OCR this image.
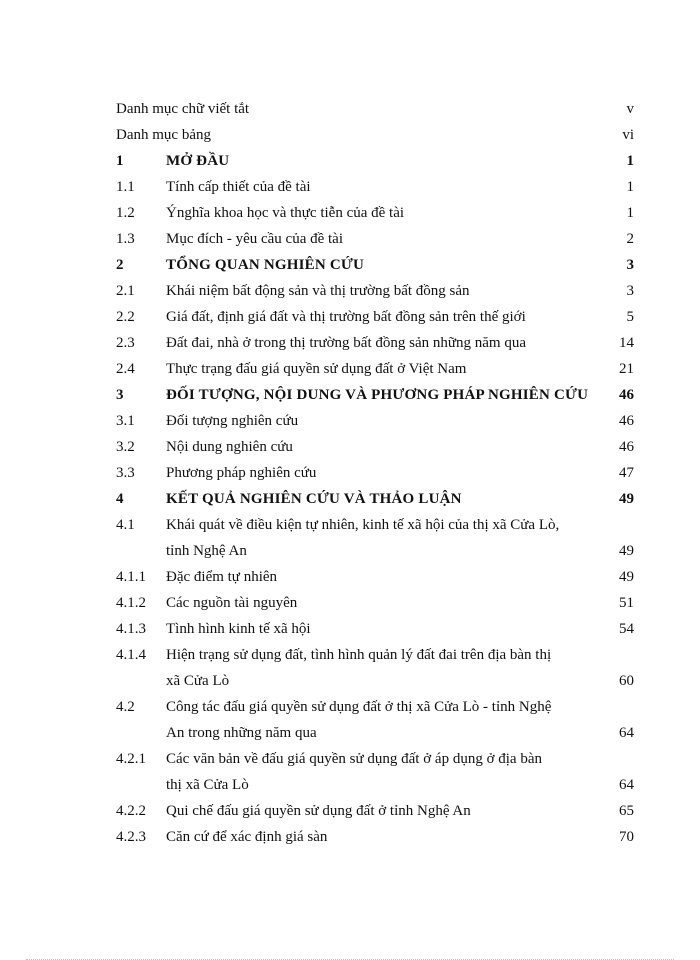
Danh mục chữ viết tắt	v
Danh mục bảng	vi
1	MỞ ĐẦU	1
1.1	Tính cấp thiết của đề tài	1
1.2	Ýnghĩa khoa học và thực tiễn của đề tài	1
1.3	Mục đích - yêu cầu của đề tài	2
2	TỔNG QUAN NGHIÊN CỨU	3
2.1	Khái niệm bất động sản và thị trường bất đồng sản	3
2.2	Giá đất, định giá đất và thị trường bất đồng sản trên thế giới	5
2.3	Đất đai, nhà ở trong thị trường bất đồng sản những năm qua	14
2.4	Thực trạng đấu giá quyền sử dụng đất ở Việt Nam	21
3	ĐỐI TƯỢNG, NỘI DUNG VÀ PHƯƠNG PHÁP NGHIÊN CỨU	46
3.1	Đối tượng nghiên cứu	46
3.2	Nội dung nghiên cứu	46
3.3	Phương pháp nghiên cứu	47
4	KẾT QUẢ NGHIÊN CỨU VÀ THẢO LUẬN	49
4.1	Khái quát về điều kiện tự nhiên, kinh tế xã hội của thị xã Cửa Lò,
tỉnh Nghệ An	49
4.1.1	Đặc điểm tự nhiên	49
4.1.2	Các nguồn tài nguyên	51
4.1.3	Tình hình kinh tế xã hội	54
4.1.4	Hiện trạng sử dụng đất, tình hình quản lý đất đai trên địa bàn thị
xã Cửa Lò	60
4.2	Công tác đấu giá quyền sử dụng đất ở thị xã Cửa Lò - tỉnh Nghệ
An trong những năm qua	64
4.2.1	Các văn bản về đấu giá quyền sử dụng đất ở áp dụng ở địa bàn
thị xã Cửa Lò	64
4.2.2	Qui chế đấu giá quyền sử dụng đất ở tỉnh Nghệ An	65
4.2.3	Căn cứ để xác định giá sàn	70
